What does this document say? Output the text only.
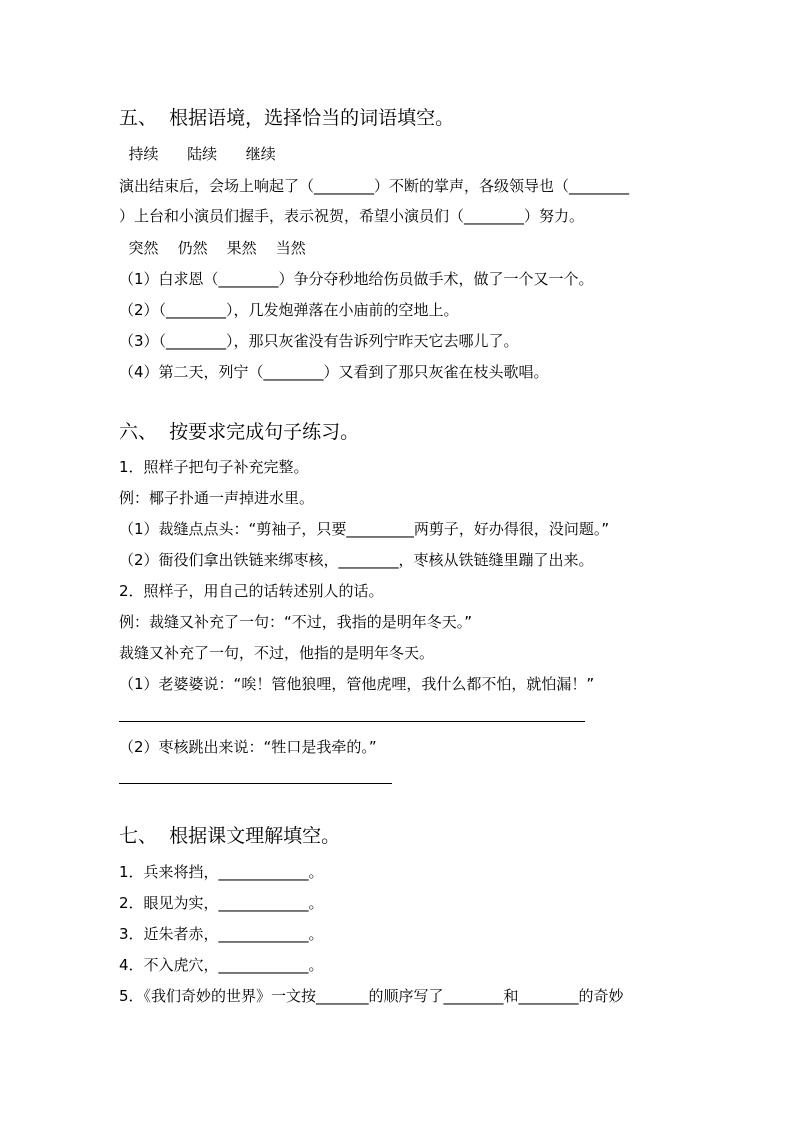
五、  根据语境，选择恰当的词语填空。
持续      陆续      继续
演出结束后，会场上响起了（________）不断的掌声，各级领导也（________
）上台和小演员们握手，表示祝贺，希望小演员们（________）努力。
突然    仍然    果然    当然
（1）白求恩（________）争分夺秒地给伤员做手术，做了一个又一个。
（2）（________），几发炮弹落在小庙前的空地上。
（3）（________），那只灰雀没有告诉列宁昨天它去哪儿了。
（4）第二天，列宁（________）又看到了那只灰雀在枝头歌唱。
六、  按要求完成句子练习。
1．照样子把句子补充完整。
例：椰子扑通一声掉进水里。
（1）裁缝点点头：“剪袖子，只要_________两剪子，好办得很，没问题。”
（2）衙役们拿出铁链来绑枣核，________，枣核从铁链缝里蹦了出来。
2．照样子，用自己的话转述别人的话。
例：裁缝又补充了一句：“不过，我指的是明年冬天。”
裁缝又补充了一句，不过，他指的是明年冬天。
（1）老婆婆说：“唉！管他狼哩，管他虎哩，我什么都不怕，就怕漏！”
（2）枣核跳出来说：“牲口是我牵的。”
七、  根据课文理解填空。
1．兵来将挡，____________。
2．眼见为实，____________。
3．近朱者赤，____________。
4．不入虎穴，____________。
5．《我们奇妙的世界》一文按_______的顺序写了________和________的奇妙
